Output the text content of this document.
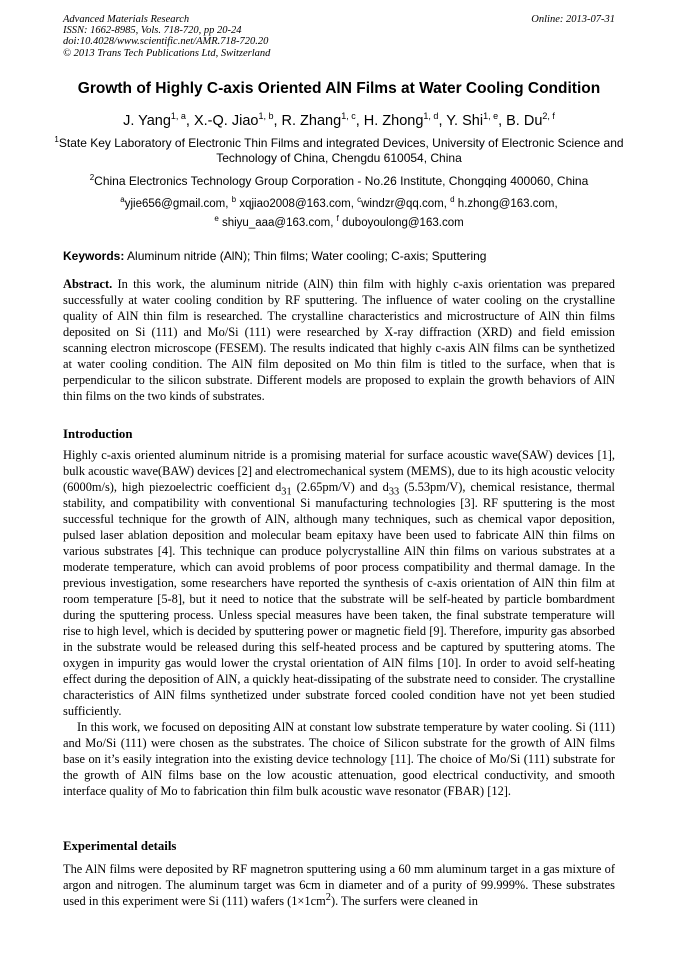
Advanced Materials Research
ISSN: 1662-8985, Vols. 718-720, pp 20-24
doi:10.4028/www.scientific.net/AMR.718-720.20
© 2013 Trans Tech Publications Ltd, Switzerland
Online: 2013-07-31
Growth of Highly C-axis Oriented AlN Films at Water Cooling Condition
J. Yang$^{1, a}$, X.-Q. Jiao$^{1, b}$, R. Zhang$^{1, c}$, H. Zhong$^{1, d}$, Y. Shi$^{1, e}$, B. Du$^{2, f}$
$^1$State Key Laboratory of Electronic Thin Films and integrated Devices, University of Electronic Science and Technology of China, Chengdu 610054, China
$^2$China Electronics Technology Group Corporation - No.26 Institute, Chongqing 400060, China
$^a$yjie656@gmail.com, $^b$ xqjiao2008@163.com, $^c$windzr@qq.com, $^d$ h.zhong@163.com,
$^e$ shiyu_aaa@163.com, $^f$ duboyoulong@163.com
Keywords: Aluminum nitride (AlN); Thin films; Water cooling; C-axis; Sputtering
Abstract. In this work, the aluminum nitride (AlN) thin film with highly c-axis orientation was prepared successfully at water cooling condition by RF sputtering. The influence of water cooling on the crystalline quality of AlN thin film is researched. The crystalline characteristics and microstructure of AlN thin films deposited on Si (111) and Mo/Si (111) were researched by X-ray diffraction (XRD) and field emission scanning electron microscope (FESEM). The results indicated that highly c-axis AlN films can be synthetized at water cooling condition. The AlN film deposited on Mo thin film is titled to the surface, when that is perpendicular to the silicon substrate. Different models are proposed to explain the growth behaviors of AlN thin films on the two kinds of substrates.
Introduction

Highly c-axis oriented aluminum nitride is a promising material for surface acoustic wave(SAW) devices [1], bulk acoustic wave(BAW) devices [2] and electromechanical system (MEMS), due to its high acoustic velocity (6000m/s), high piezoelectric coefficient $d_{31}$ (2.65pm/V) and $d_{33}$ (5.53pm/V), chemical resistance, thermal stability, and compatibility with conventional Si manufacturing technologies [3]. RF sputtering is the most successful technique for the growth of AlN, although many techniques, such as chemical vapor deposition, pulsed laser ablation deposition and molecular beam epitaxy have been used to fabricate AlN thin films on various substrates [4]. This technique can produce polycrystalline AlN thin films on various substrates at a moderate temperature, which can avoid problems of poor process compatibility and thermal damage. In the previous investigation, some researchers have reported the synthesis of c-axis orientation of AlN thin film at room temperature [5-8], but it need to notice that the substrate will be self-heated by particle bombardment during the sputtering process. Unless special measures have been taken, the final substrate temperature will rise to high level, which is decided by sputtering power or magnetic field [9]. Therefore, impurity gas absorbed in the substrate would be released during this self-heated process and be captured by sputtering atoms. The oxygen in impurity gas would lower the crystal orientation of AlN films [10]. In order to avoid self-heating effect during the deposition of AlN, a quickly heat-dissipating of the substrate need to consider. The crystalline characteristics of AlN films synthetized under substrate forced cooled condition have not yet been studied sufficiently.

In this work, we focused on depositing AlN at constant low substrate temperature by water cooling. Si (111) and Mo/Si (111) were chosen as the substrates. The choice of Silicon substrate for the growth of AlN films base on it’s easily integration into the existing device technology [11]. The choice of Mo/Si (111) substrate for the growth of AlN films base on the low acoustic attenuation, good electrical conductivity, and smooth interface quality of Mo to fabrication thin film bulk acoustic wave resonator (FBAR) [12].

Experimental details

The AlN films were deposited by RF magnetron sputtering using a 60 mm aluminum target in a gas mixture of argon and nitrogen. The aluminum target was 6cm in diameter and of a purity of 99.999%. These substrates used in this experiment were Si (111) wafers $(1\times 1cm^2)$. The surfers were cleaned in
